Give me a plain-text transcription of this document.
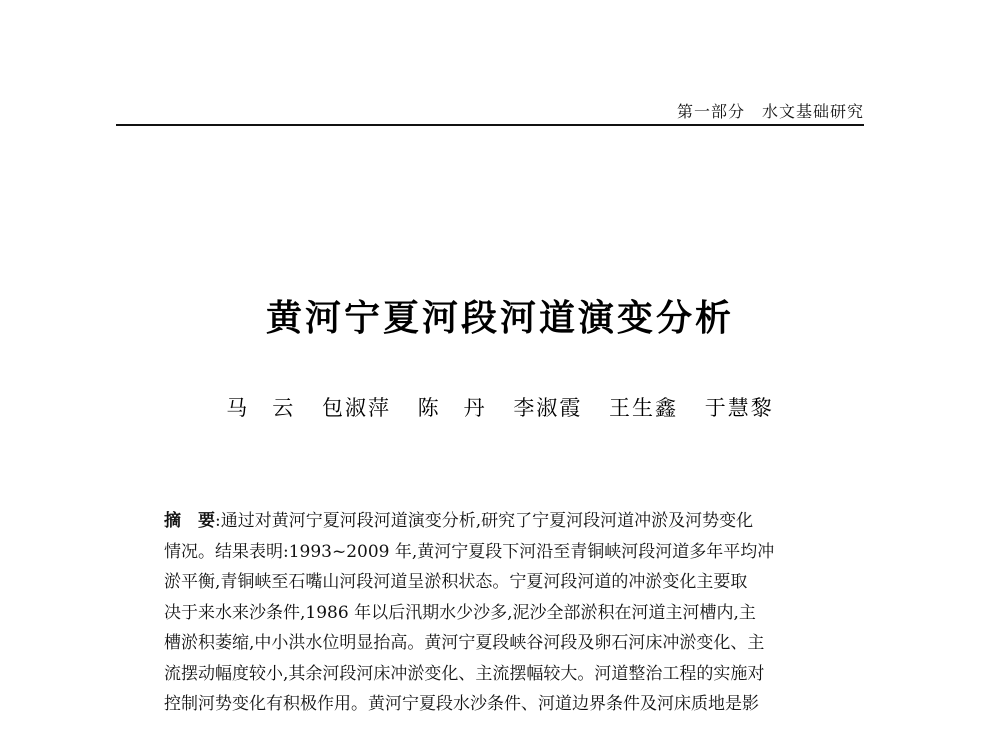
第一部分　水文基础研究
黄河宁夏河段河道演变分析
马　云 包淑萍 陈　丹 李淑霞 王生鑫 于慧黎
摘　要:通过对黄河宁夏河段河道演变分析,研究了宁夏河段河道冲淤及河势变化
情况。结果表明:1993~2009 年,黄河宁夏段下河沿至青铜峡河段河道多年平均冲
淤平衡,青铜峡至石嘴山河段河道呈淤积状态。宁夏河段河道的冲淤变化主要取
决于来水来沙条件,1986 年以后汛期水少沙多,泥沙全部淤积在河道主河槽内,主
槽淤积萎缩,中小洪水位明显抬高。黄河宁夏段峡谷河段及卵石河床冲淤变化、主
流摆动幅度较小,其余河段河床冲淤变化、主流摆幅较大。河道整治工程的实施对
控制河势变化有积极作用。黄河宁夏段水沙条件、河道边界条件及河床质地是影
